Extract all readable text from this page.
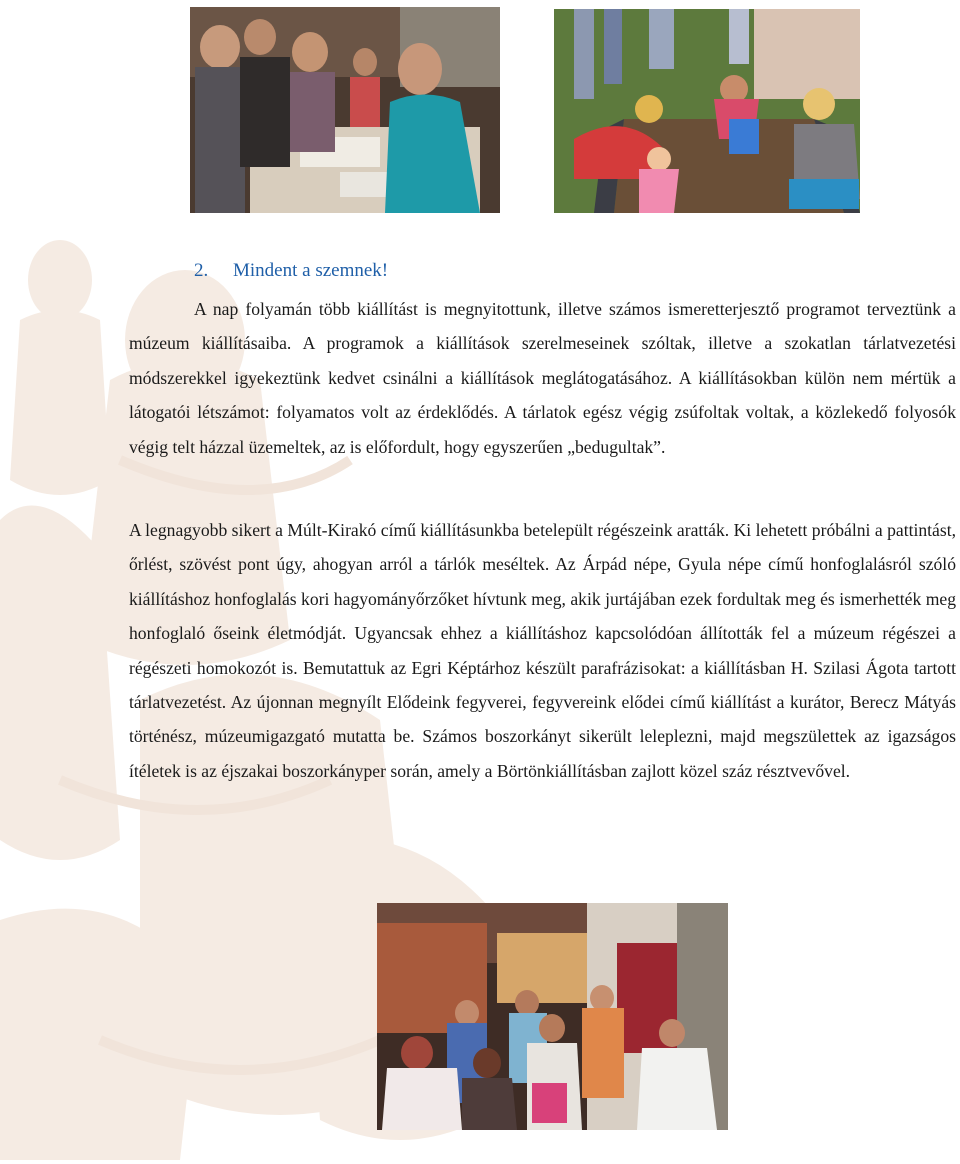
2. Mindent a szemnek!

A nap folyamán több kiállítást is megnyitottunk, illetve számos ismeretterjesztő programot terveztünk a múzeum kiállításaiba. A programok a kiállítások szerelmeseinek szóltak, illetve a szokatlan tárlatvezetési módszerekkel igyekeztünk kedvet csinálni a kiállítások meglátogatásához. A kiállításokban külön nem mértük a látogatói létszámot: folyamatos volt az érdeklődés. A tárlatok egész végig zsúfoltak voltak, a közlekedő folyosók végig telt házzal üzemeltek, az is előfordult, hogy egyszerűen „bedugultak”.

A legnagyobb sikert a Múlt-Kirakó című kiállításunkba betelepült régészeink aratták. Ki lehetett próbálni a pattintást, őrlést, szövést pont úgy, ahogyan arról a tárlók meséltek. Az Árpád népe, Gyula népe című honfoglalásról szóló kiállításhoz honfoglalás kori hagyományőrzőket hívtunk meg, akik jurtájában ezek fordultak meg és ismerhették meg honfoglaló őseink életmódját. Ugyancsak ehhez a kiállításhoz kapcsolódóan állították fel a múzeum régészei a régészeti homokozót is. Bemutattuk az Egri Képtárhoz készült parafrázisokat: a kiállításban H. Szilasi Ágota tartott tárlatvezetést. Az újonnan megnyílt Elődeink fegyverei, fegyvereink elődei című kiállítást a kurátor, Berecz Mátyás történész, múzeumigazgató mutatta be. Számos boszorkányt sikerült leleplezni, majd megszülettek az igazságos ítéletek is az éjszakai boszorkányper során, amely a Börtönkiállításban zajlott közel száz résztvevővel.
